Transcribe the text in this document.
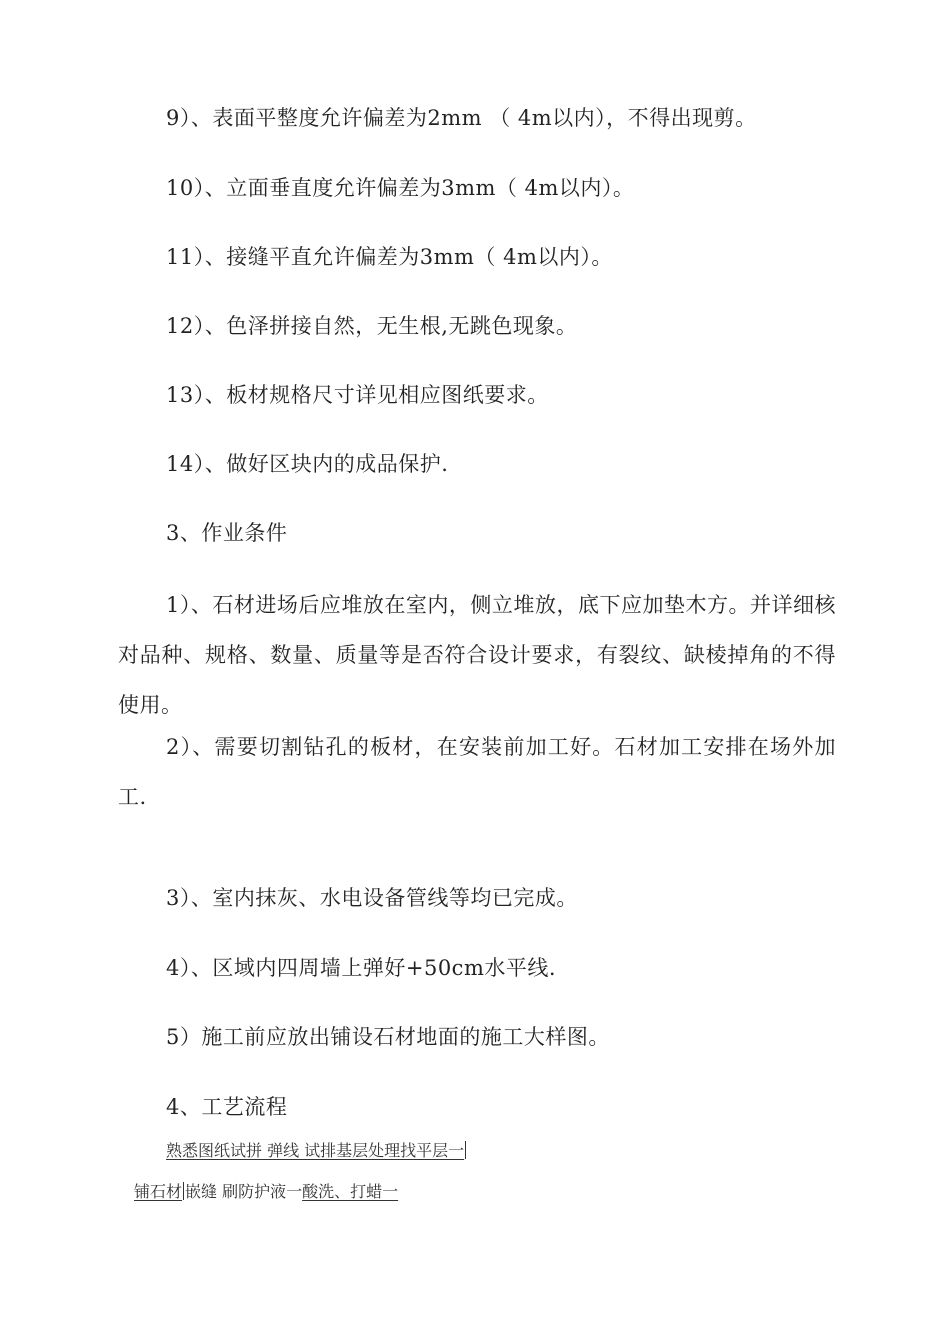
9）、表面平整度允许偏差为2mm （ 4m以内），不得出现剪。
10）、立面垂直度允许偏差为3mm（ 4m以内）。
11）、接缝平直允许偏差为3mm（ 4m以内）。
12）、色泽拼接自然，无生根,无跳色现象。
13）、板材规格尺寸详见相应图纸要求。
14）、做好区块内的成品保护.
3、作业条件
1）、石材进场后应堆放在室内，侧立堆放，底下应加垫木方。并详细核对品种、规格、数量、质量等是否符合设计要求，有裂纹、缺棱掉角的不得使用。
2）、需要切割钻孔的板材，在安装前加工好。石材加工安排在场外加工.
3）、室内抹灰、水电设备管线等均已完成。
4）、区域内四周墙上弹好+50cm水平线.
5）施工前应放出铺设石材地面的施工大样图。
4、工艺流程
熟悉图纸试拼 弹线 试排基层处理找平层一
铺石材 嵌缝 刷防护液一酸洗、打蜡一
